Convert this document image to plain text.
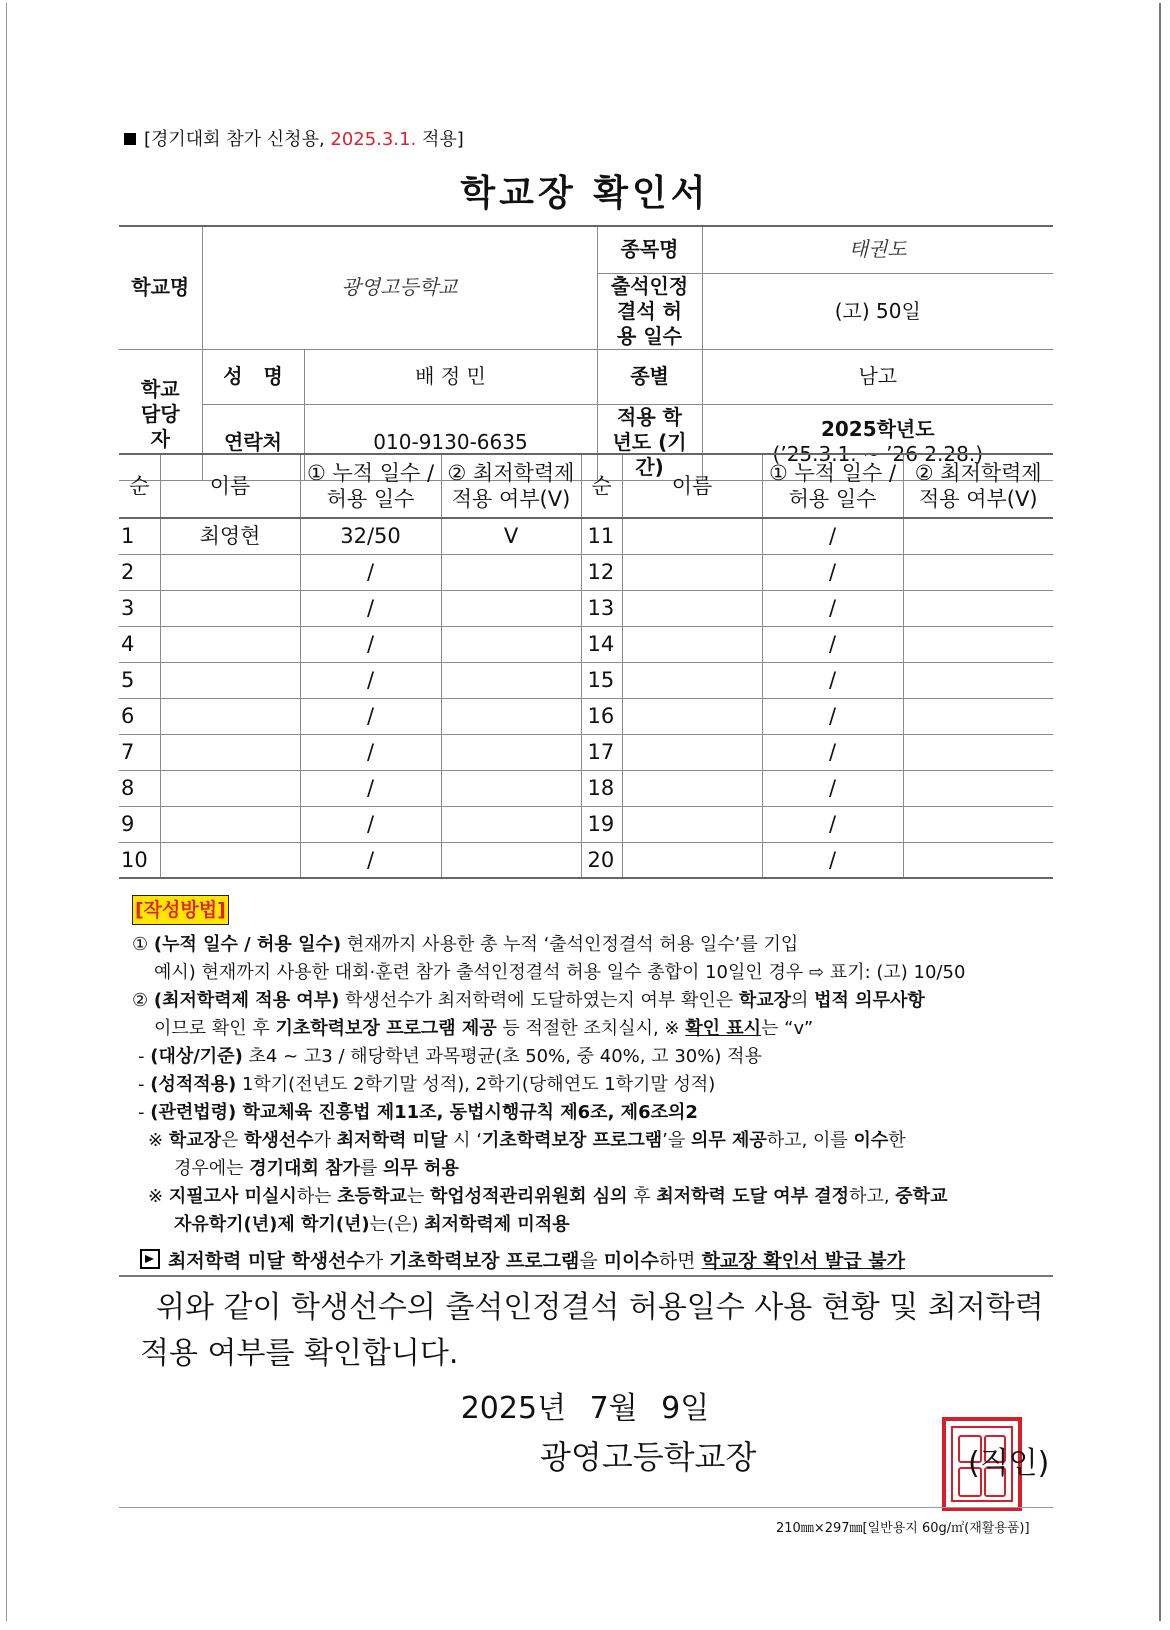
[경기대회 참가 신청용, 2025.3.1. 적용]
학교장 확인서
학교명	광영고등학교		종목명	태권도
			출석인정결석 허용 일수	(고) 50일
학교 담당자	성 명	배 정 민	종별	남고
	연락처	010-9130-6635	적용 학년도 (기간)	2025학년도
(’25.3.1. ~ ’26 2.28.)
순	이름	① 누적 일수 / 허용 일수	② 최저학력제 적용 여부(V)	순	이름	① 누적 일수 / 허용 일수	② 최저학력제 적용 여부(V)
1	최영현	32/50	V	11		/	
2		/		12		/	
3		/		13		/	
4		/		14		/	
5		/		15		/	
6		/		16		/	
7		/		17		/	
8		/		18		/	
9		/		19		/	
10		/		20		/	
[작성방법]
① (누적 일수 / 허용 일수) 현재까지 사용한 총 누적 ‘출석인정결석 허용 일수’를 기입
예시) 현재까지 사용한 대회·훈련 참가 출석인정결석 허용 일수 총합이 10일인 경우 ⇨ 표기: (고) 10/50
② (최저학력제 적용 여부) 학생선수가 최저학력에 도달하였는지 여부 확인은 학교장의 법적 의무사항
이므로 확인 후 기초학력보장 프로그램 제공 등 적절한 조치실시, ※ 확인 표시는 “v”
- (대상/기준) 초4 ~ 고3 / 해당학년 과목평균(초 50%, 중 40%, 고 30%) 적용
- (성적적용) 1학기(전년도 2학기말 성적), 2학기(당해연도 1학기말 성적)
- (관련법령) 학교체육 진흥법 제11조, 동법시행규칙 제6조, 제6조의2
※ 학교장은 학생선수가 최저학력 미달 시 ‘기초학력보장 프로그램’을 의무 제공하고, 이를 이수한
경우에는 경기대회 참가를 의무 허용
※ 지필고사 미실시하는 초등학교는 학업성적관리위원회 심의 후 최저학력 도달 여부 결정하고, 중학교
자유학기(년)제 학기(년)는(은) 최저학력제 미적용
최저학력 미달 학생선수가 기초학력보장 프로그램을 미이수하면 학교장 확인서 발급 불가
위와 같이 학생선수의 출석인정결석 허용일수 사용 현황 및 최저학력
적용 여부를 확인합니다.
2025년 7월 9일
광영고등학교장	(직인)
210㎜×297㎜[일반용지 60g/㎡(재활용품)]
